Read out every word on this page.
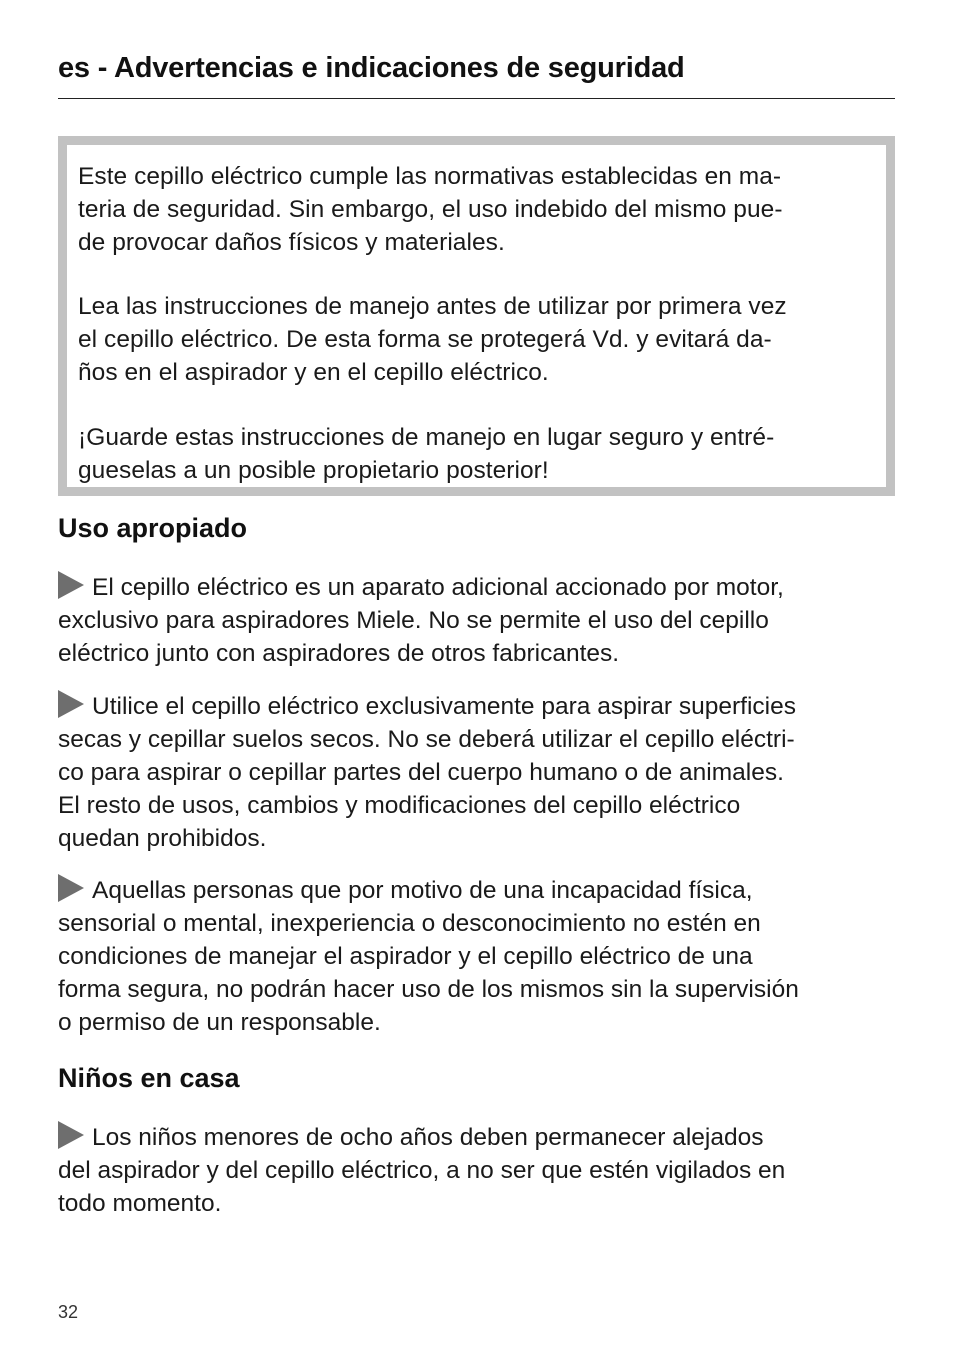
es - Advertencias e indicaciones de seguridad

Este cepillo eléctrico cumple las normativas establecidas en ma-
teria de seguridad. Sin embargo, el uso indebido del mismo pue-
de provocar daños físicos y materiales.

Lea las instrucciones de manejo antes de utilizar por primera vez
el cepillo eléctrico. De esta forma se protegerá Vd. y evitará da-
ños en el aspirador y en el cepillo eléctrico.

¡Guarde estas instrucciones de manejo en lugar seguro y entré-
gueselas a un posible propietario posterior!

Uso apropiado

El cepillo eléctrico es un aparato adicional accionado por motor,
exclusivo para aspiradores Miele. No se permite el uso del cepillo
eléctrico junto con aspiradores de otros fabricantes.

Utilice el cepillo eléctrico exclusivamente para aspirar superficies
secas y cepillar suelos secos. No se deberá utilizar el cepillo eléctri-
co para aspirar o cepillar partes del cuerpo humano o de animales.
El resto de usos, cambios y modificaciones del cepillo eléctrico
quedan prohibidos.

Aquellas personas que por motivo de una incapacidad física,
sensorial o mental, inexperiencia o desconocimiento no estén en
condiciones de manejar el aspirador y el cepillo eléctrico de una
forma segura, no podrán hacer uso de los mismos sin la supervisión
o permiso de un responsable.

Niños en casa

Los niños menores de ocho años deben permanecer alejados
del aspirador y del cepillo eléctrico, a no ser que estén vigilados en
todo momento.

32
